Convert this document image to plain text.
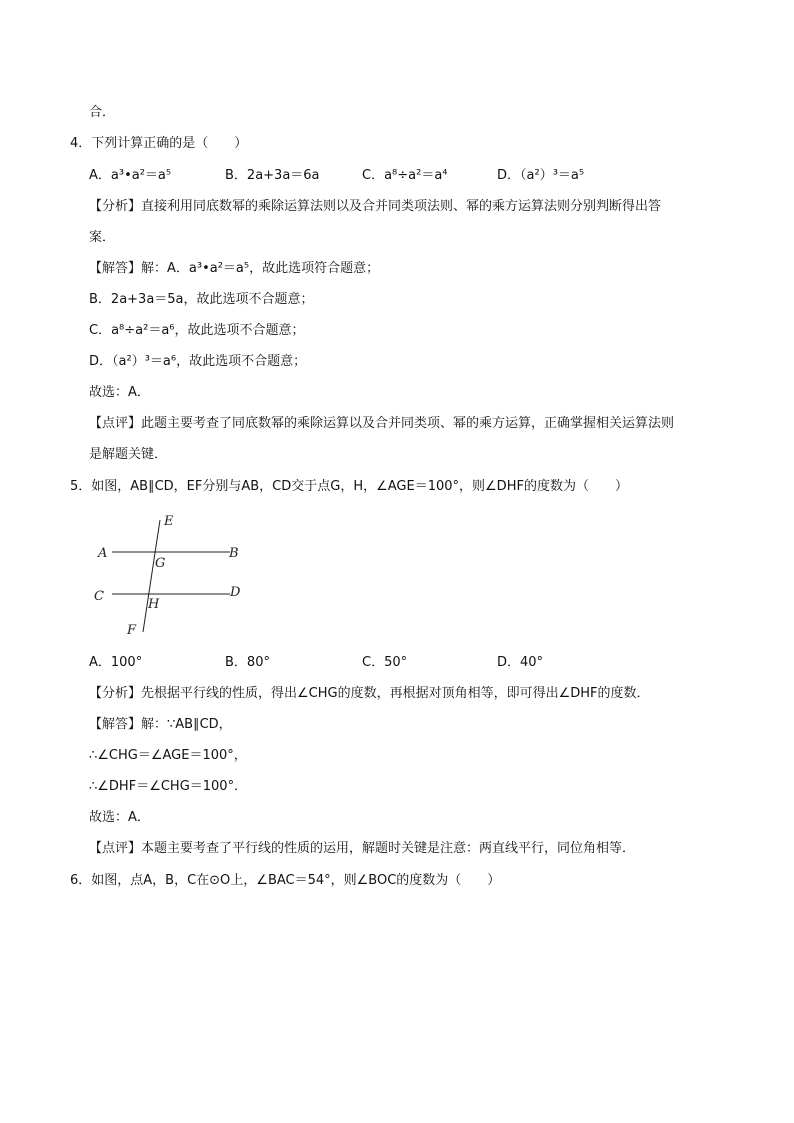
合．
4．下列计算正确的是（　　）
A．a³•a²＝a⁵	B．2a+3a＝6a	C．a⁸÷a²＝a⁴	D．（a²）³＝a⁵
【分析】直接利用同底数幂的乘除运算法则以及合并同类项法则、幂的乘方运算法则分别判断得出答
案．
【解答】解：A．a³•a²＝a⁵，故此选项符合题意；
B．2a+3a＝5a，故此选项不合题意；
C．a⁸÷a²＝a⁶，故此选项不合题意；
D．（a²）³＝a⁶，故此选项不合题意；
故选：A．
【点评】此题主要考查了同底数幂的乘除运算以及合并同类项、幂的乘方运算，正确掌握相关运算法则
是解题关键．
5．如图，AB∥CD，EF分别与AB，CD交于点G，H，∠AGE＝100°，则∠DHF的度数为（　　）
E
A	B
G
C	D
H
F
A．100°	B．80°	C．50°	D．40°
【分析】先根据平行线的性质，得出∠CHG的度数，再根据对顶角相等，即可得出∠DHF的度数．
【解答】解：∵AB∥CD，
∴∠CHG＝∠AGE＝100°，
∴∠DHF＝∠CHG＝100°．
故选：A．
【点评】本题主要考查了平行线的性质的运用，解题时关键是注意：两直线平行，同位角相等．
6．如图，点A，B，C在⊙O上，∠BAC＝54°，则∠BOC的度数为（　　）
